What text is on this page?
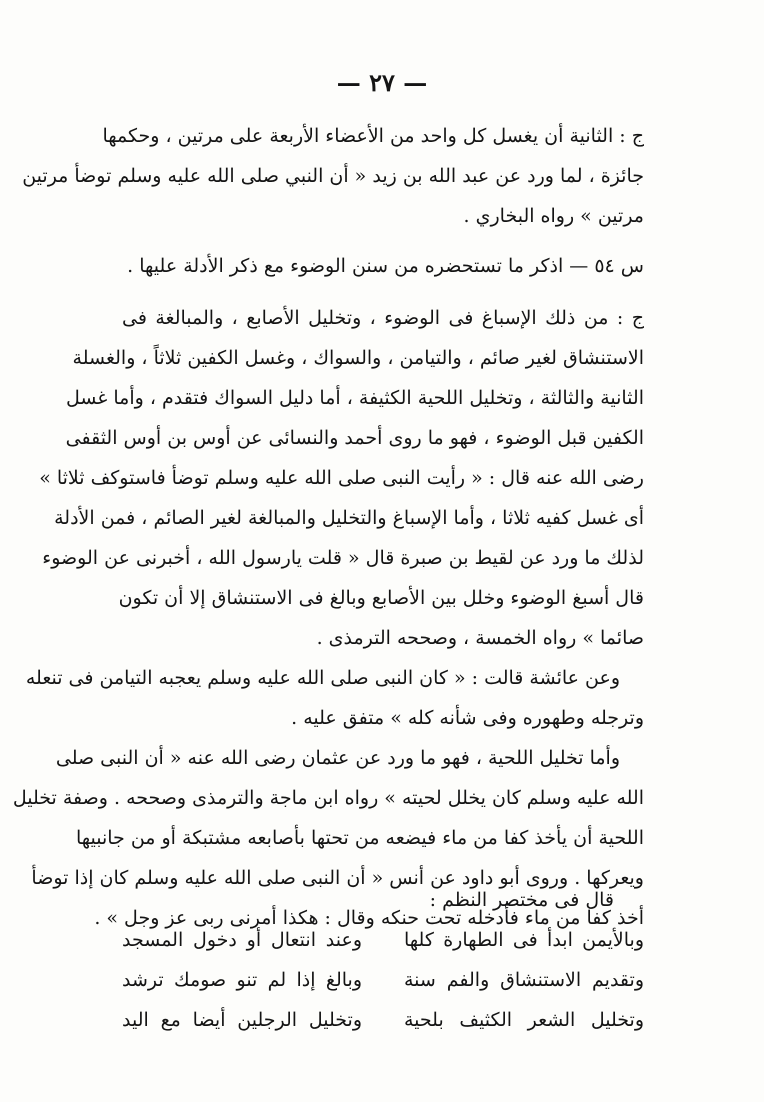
— ٢٧ —
ج : الثانية أن يغسل كل واحد من الأعضاء الأربعة على مرتين ، وحكمها
جائزة ، لما ورد عن عبد الله بن زيد « أن النبي صلى الله عليه وسلم توضأ مرتين
مرتين » رواه البخاري .
س ٥٤ — اذكر ما تستحضره من سنن الوضوء مع ذكر الأدلة عليها .
ج : من ذلك الإسباغ فى الوضوء ، وتخليل الأصابع ، والمبالغة فى
الاستنشاق لغير صائم ، والتيامن ، والسواك ، وغسل الكفين ثلاثاً ، والغسلة
الثانية والثالثة ، وتخليل اللحية الكثيفة ، أما دليل السواك فتقدم ، وأما غسل
الكفين قبل الوضوء ، فهو ما روى أحمد والنسائى عن أوس بن أوس الثقفى
رضى الله عنه قال : « رأيت النبى صلى الله عليه وسلم توضأ فاستوكف ثلاثا »
أى غسل كفيه ثلاثا ، وأما الإسباغ والتخليل والمبالغة لغير الصائم ، فمن الأدلة
لذلك ما ورد عن لقيط بن صبرة قال « قلت يارسول الله ، أخبرنى عن الوضوء
قال أسبغ الوضوء وخلل بين الأصابع وبالغ فى الاستنشاق إلا أن تكون
صائما » رواه الخمسة ، وصححه الترمذى .
وعن عائشة قالت : « كان النبى صلى الله عليه وسلم يعجبه التيامن فى تنعله
وترجله وطهوره وفى شأنه كله » متفق عليه .
وأما تخليل اللحية ، فهو ما ورد عن عثمان رضى الله عنه « أن النبى صلى
الله عليه وسلم كان يخلل لحيته » رواه ابن ماجة والترمذى وصححه . وصفة تخليل
اللحية أن يأخذ كفا من ماء فيضعه من تحتها بأصابعه مشتبكة أو من جانبيها
ويعركها . وروى أبو داود عن أنس « أن النبى صلى الله عليه وسلم كان إذا توضأ
أخذ كفا من ماء فأدخله تحت حنكه وقال : هكذا أمرنى ربى عز وجل » .
قال فى مختصر النظم :
وبالأيمن ابدأ فى الطهارة كلها
وعند انتعال أو دخول المسجد
وتقديم الاستنشاق والفم سنة
وبالغ إذا لم تنو صومك ترشد
وتخليل الشعر الكثيف بلحية
وتخليل الرجلين أيضا مع اليد
